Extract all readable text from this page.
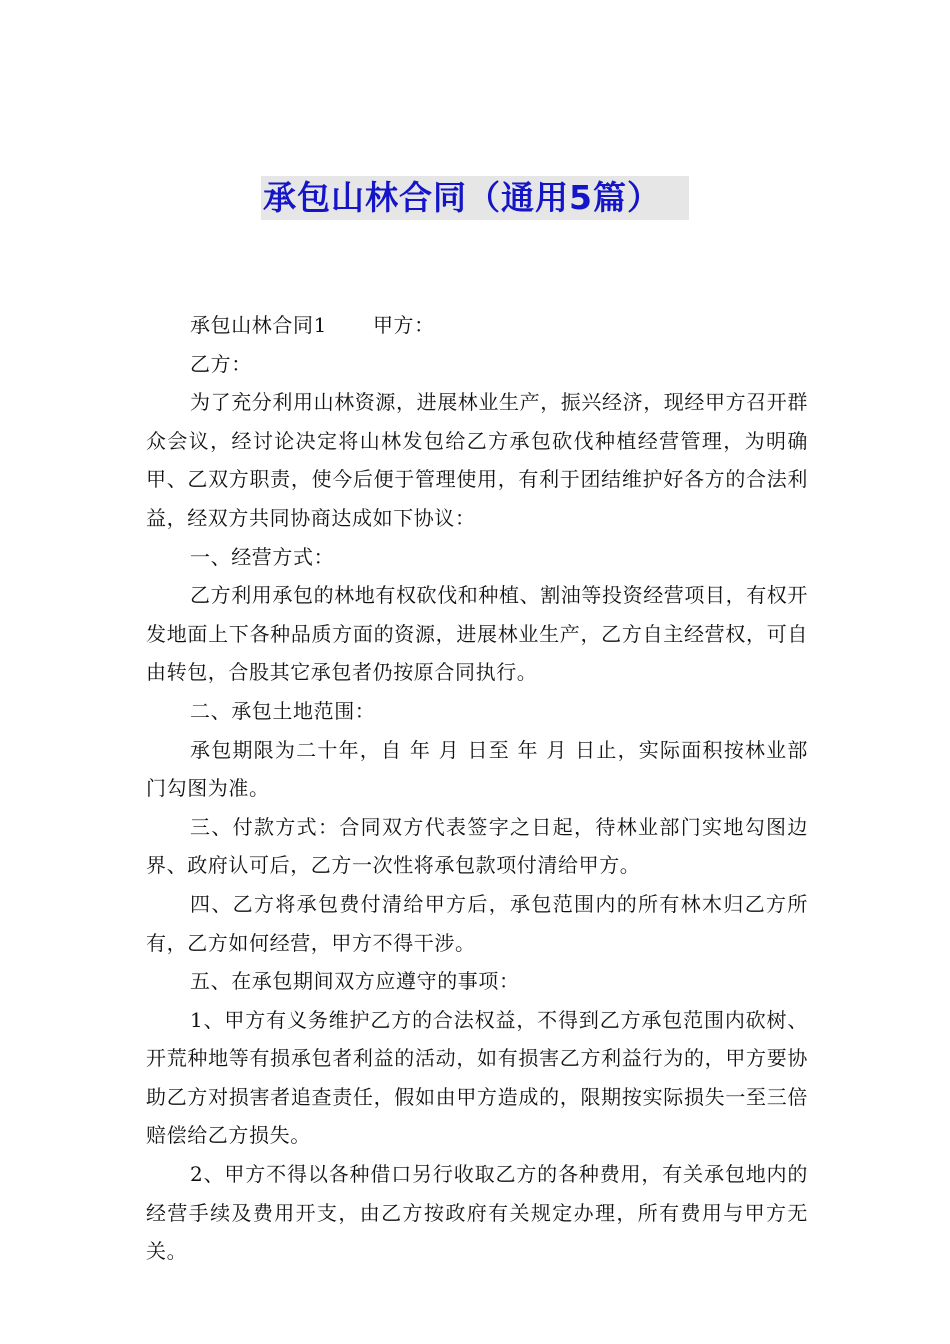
承包山林合同（通用5篇）

承包山林合同1 甲方：

乙方：

为了充分利用山林资源，进展林业生产，振兴经济，现经甲方召开群众会议，经讨论决定将山林发包给乙方承包砍伐种植经营管理，为明确甲、乙双方职责，使今后便于管理使用，有利于团结维护好各方的合法利益，经双方共同协商达成如下协议：

一、经营方式：

乙方利用承包的林地有权砍伐和种植、割油等投资经营项目，有权开发地面上下各种品质方面的资源，进展林业生产，乙方自主经营权，可自由转包，合股其它承包者仍按原合同执行。

二、承包土地范围：

承包期限为二十年，自 年 月 日至 年 月 日止，实际面积按林业部门勾图为准。

三、付款方式：合同双方代表签字之日起，待林业部门实地勾图边界、政府认可后，乙方一次性将承包款项付清给甲方。

四、乙方将承包费付清给甲方后，承包范围内的所有林木归乙方所有，乙方如何经营，甲方不得干涉。

五、在承包期间双方应遵守的事项：

1、甲方有义务维护乙方的合法权益，不得到乙方承包范围内砍树、开荒种地等有损承包者利益的活动，如有损害乙方利益行为的，甲方要协助乙方对损害者追查责任，假如由甲方造成的，限期按实际损失一至三倍赔偿给乙方损失。

2、甲方不得以各种借口另行收取乙方的各种费用，有关承包地内的经营手续及费用开支，由乙方按政府有关规定办理，所有费用与甲方无关。
